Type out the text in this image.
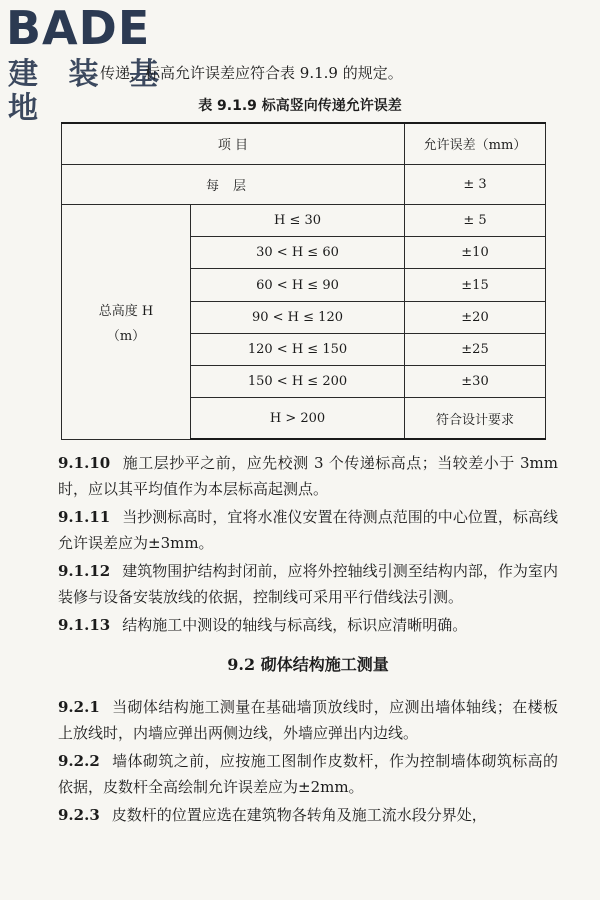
BADE
建 装 基 地
传递，标高允许误差应符合表 9.1.9 的规定。
表 9.1.9 标高竖向传递允许误差
项 目		允许误差（mm）
每层		± 3

总高度 H
（m）	H ≤ 30	± 5
	30 < H ≤ 60	±10
	60 < H ≤ 90	±15
	90 < H ≤ 120	±20
	120 < H ≤ 150	±25
	150 < H ≤ 200	±30
	H > 200	符合设计要求

9.1.10 施工层抄平之前，应先校测 3 个传递标高点；当较差小于 3mm 时，应以其平均值作为本层标高起测点。

9.1.11 当抄测标高时，宜将水准仪安置在待测点范围的中心位置，标高线允许误差应为±3mm。

9.1.12 建筑物围护结构封闭前，应将外控轴线引测至结构内部，作为室内装修与设备安装放线的依据，控制线可采用平行借线法引测。

9.1.13 结构施工中测设的轴线与标高线，标识应清晰明确。

9.2 砌体结构施工测量

9.2.1 当砌体结构施工测量在基础墙顶放线时，应测出墙体轴线；在楼板上放线时，内墙应弹出两侧边线，外墙应弹出内边线。

9.2.2 墙体砌筑之前，应按施工图制作皮数杆，作为控制墙体砌筑标高的依据，皮数杆全高绘制允许误差应为±2mm。

9.2.3 皮数杆的位置应选在建筑物各转角及施工流水段分界处，
